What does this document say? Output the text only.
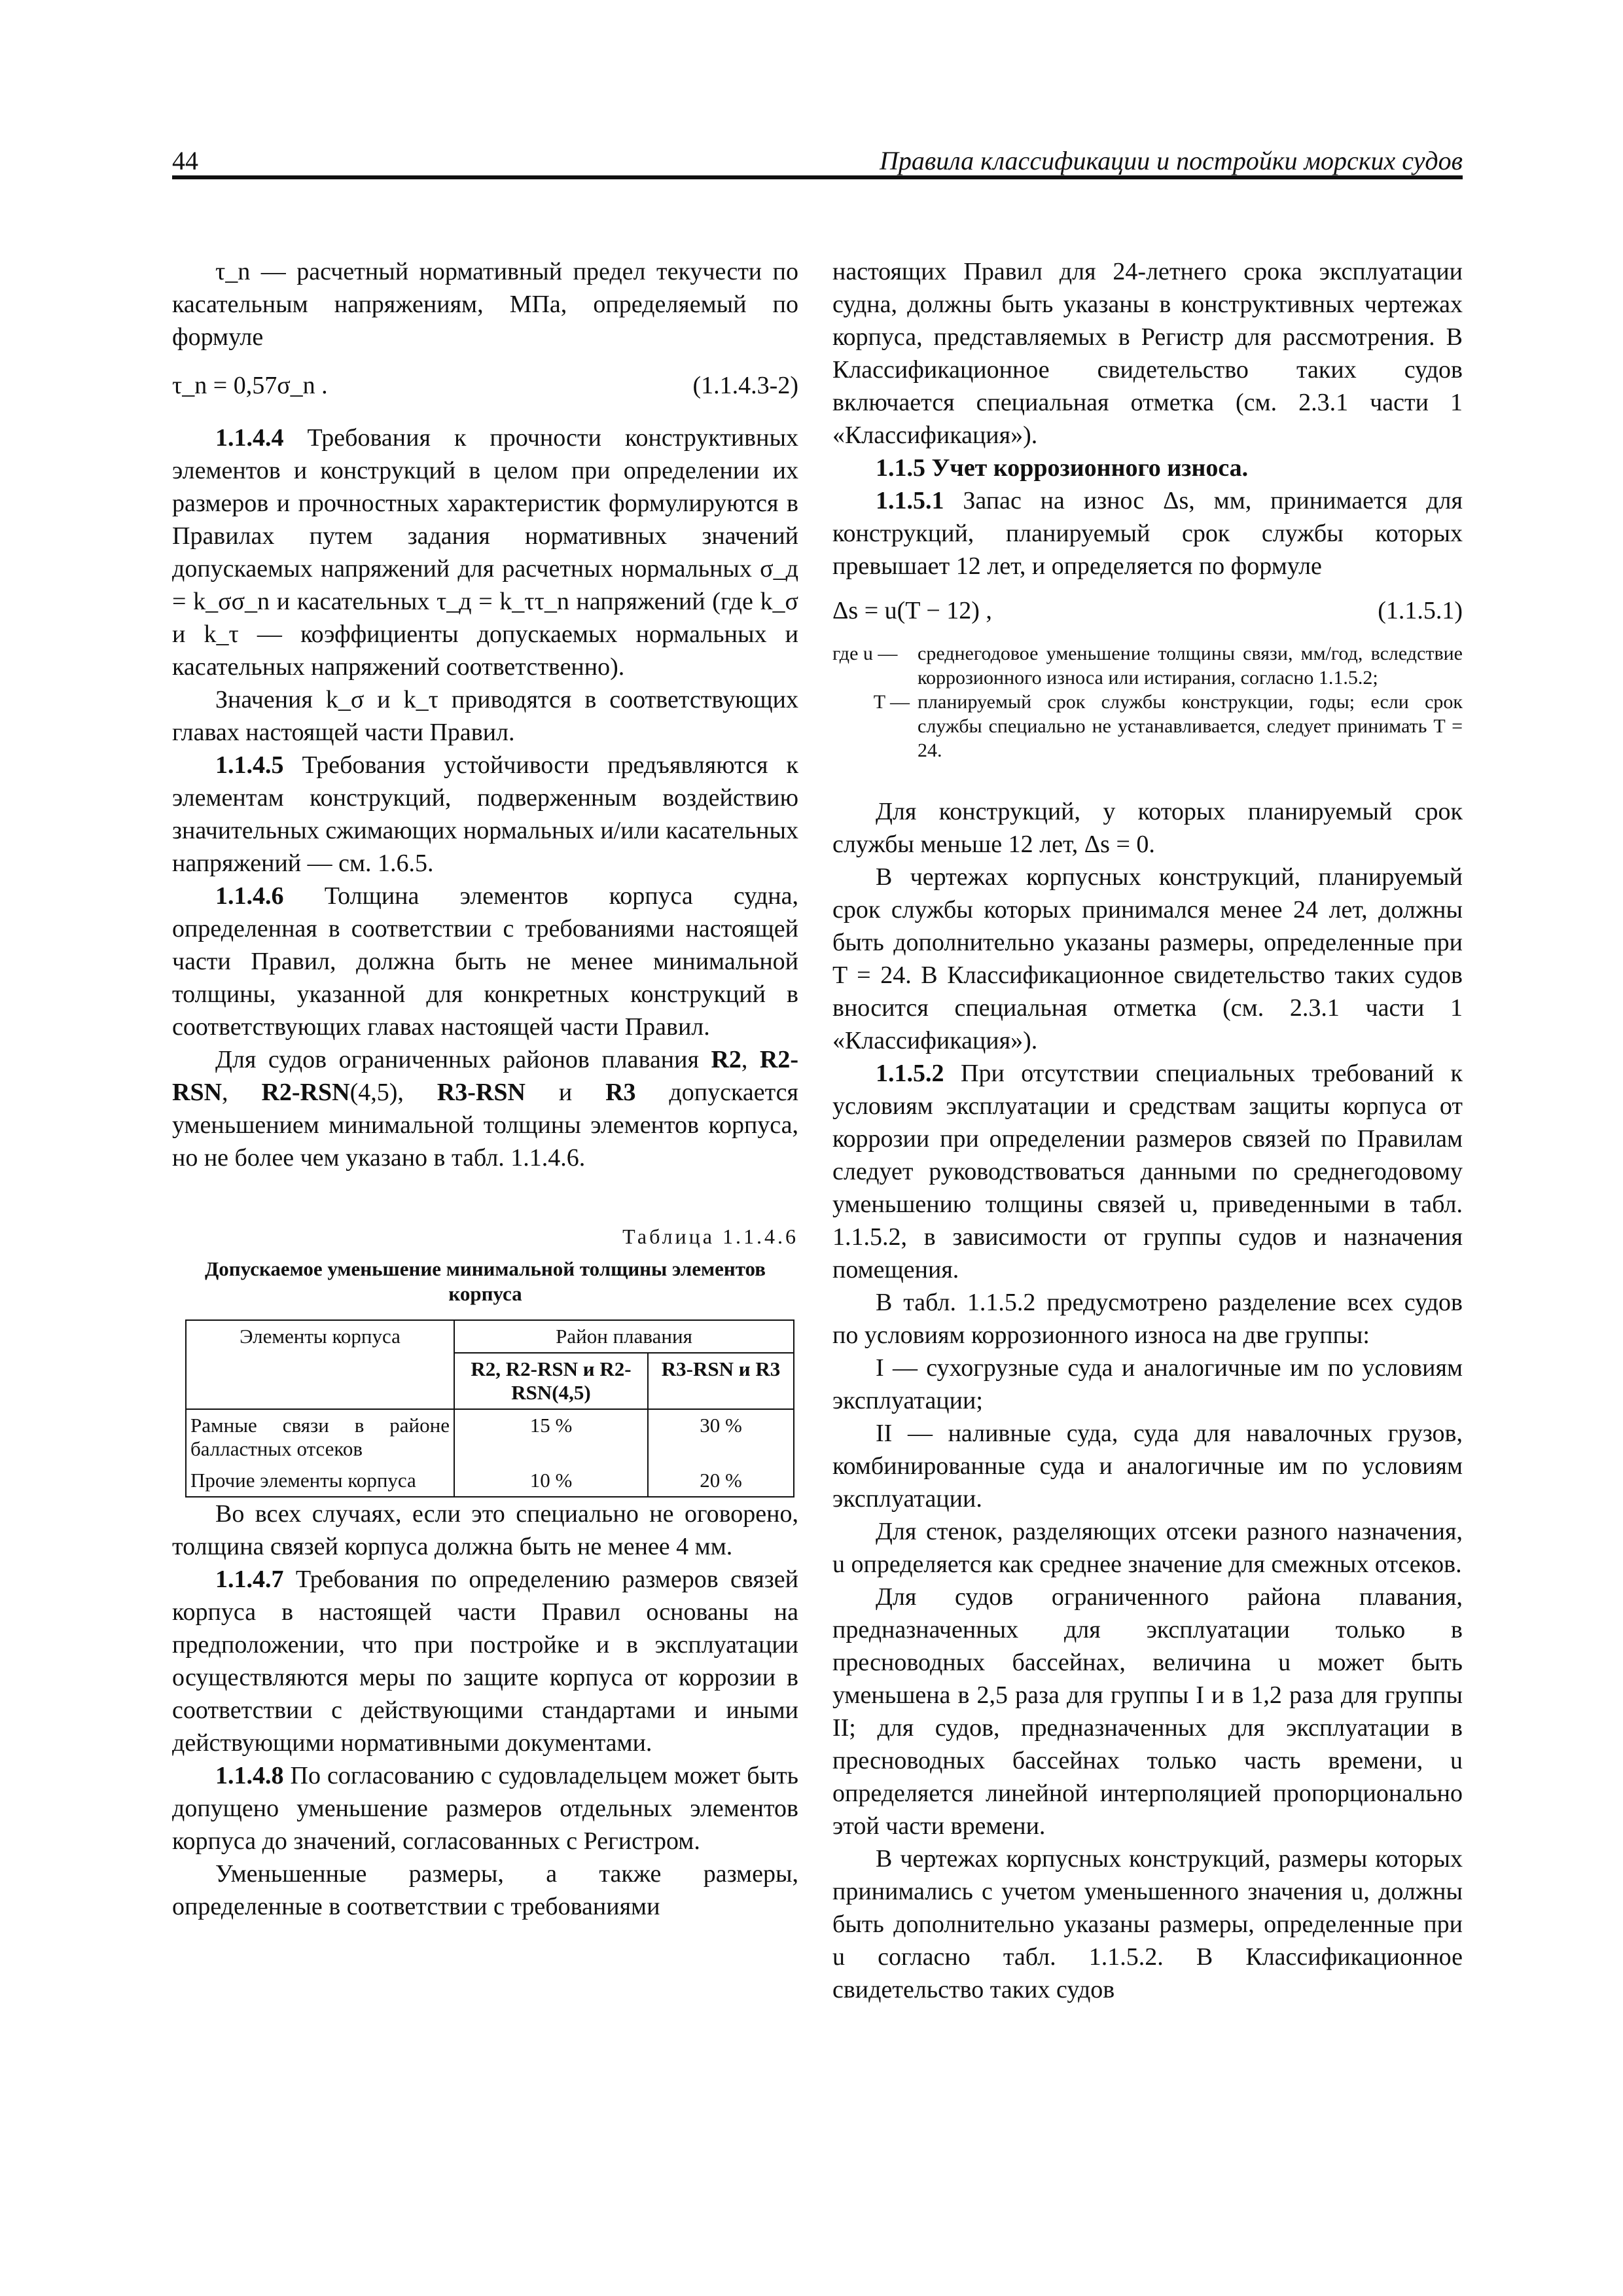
44	Правила классификации и постройки морских судов

τ_n — расчетный нормативный предел текучести по касательным напряжениям, МПа, определяемый по формуле

τ_n = 0,57σ_n .	(1.1.4.3-2)

1.1.4.4 Требования к прочности конструктивных элементов и конструкций в целом при определении их размеров и прочностных характеристик формулируются в Правилах путем задания нормативных значений допускаемых напряжений для расчетных нормальных σ_д = k_σσ_n и касательных τ_д = k_ττ_n напряжений (где k_σ и k_τ — коэффициенты допускаемых нормальных и касательных напряжений соответственно).

Значения k_σ и k_τ приводятся в соответствующих главах настоящей части Правил.

1.1.4.5 Требования устойчивости предъявляются к элементам конструкций, подверженным воздействию значительных сжимающих нормальных и/или касательных напряжений — см. 1.6.5.

1.1.4.6 Толщина элементов корпуса судна, определенная в соответствии с требованиями настоящей части Правил, должна быть не менее минимальной толщины, указанной для конкретных конструкций в соответствующих главах настоящей части Правил.

Для судов ограниченных районов плавания R2, R2-RSN, R2-RSN(4,5), R3-RSN и R3 допускается уменьшением минимальной толщины элементов корпуса, но не более чем указано в табл. 1.1.4.6.

Таблица 1.1.4.6
Допускаемое уменьшение минимальной толщины элементов корпуса
Элементы корпуса	Район плавания	
	R2, R2-RSN и R2-RSN(4,5)	R3-RSN и R3
Рамные связи в районе балластных отсеков	15 %	30 %
Прочие элементы корпуса	10 %	20 %

Во всех случаях, если это специально не оговорено, толщина связей корпуса должна быть не менее 4 мм.

1.1.4.7 Требования по определению размеров связей корпуса в настоящей части Правил основаны на предположении, что при постройке и в эксплуатации осуществляются меры по защите корпуса от коррозии в соответствии с действующими стандартами и иными действующими нормативными документами.

1.1.4.8 По согласованию с судовладельцем может быть допущено уменьшение размеров отдельных элементов корпуса до значений, согласованных с Регистром.

Уменьшенные размеры, а также размеры, определенные в соответствии с требованиями

настоящих Правил для 24-летнего срока эксплуатации судна, должны быть указаны в конструктивных чертежах корпуса, представляемых в Регистр для рассмотрения. В Классификационное свидетельство таких судов включается специальная отметка (см. 2.3.1 части 1 «Классификация»).

1.1.5 Учет коррозионного износа.

1.1.5.1 Запас на износ Δs, мм, принимается для конструкций, планируемый срок службы которых превышает 12 лет, и определяется по формуле

Δs = u(T − 12) ,	(1.1.5.1)
где u —	среднегодовое уменьшение толщины связи, мм/год, вследствие коррозионного износа или истирания, согласно 1.1.5.2;
T — планируемый срок службы конструкции, годы; если срок службы специально не устанавливается, следует принимать T = 24.

Для конструкций, у которых планируемый срок службы меньше 12 лет, Δs = 0.

В чертежах корпусных конструкций, планируемый срок службы которых принимался менее 24 лет, должны быть дополнительно указаны размеры, определенные при T = 24. В Классификационное свидетельство таких судов вносится специальная отметка (см. 2.3.1 части 1 «Классификация»).

1.1.5.2 При отсутствии специальных требований к условиям эксплуатации и средствам защиты корпуса от коррозии при определении размеров связей по Правилам следует руководствоваться данными по среднегодовому уменьшению толщины связей u, приведенными в табл. 1.1.5.2, в зависимости от группы судов и назначения помещения.

В табл. 1.1.5.2 предусмотрено разделение всех судов по условиям коррозионного износа на две группы:

I — сухогрузные суда и аналогичные им по условиям эксплуатации;

II — наливные суда, суда для навалочных грузов, комбинированные суда и аналогичные им по условиям эксплуатации.

Для стенок, разделяющих отсеки разного назначения, u определяется как среднее значение для смежных отсеков.

Для судов ограниченного района плавания, предназначенных для эксплуатации только в пресноводных бассейнах, величина u может быть уменьшена в 2,5 раза для группы I и в 1,2 раза для группы II; для судов, предназначенных для эксплуатации в пресноводных бассейнах только часть времени, u определяется линейной интерполяцией пропорционально этой части времени.

В чертежах корпусных конструкций, размеры которых принимались с учетом уменьшенного значения u, должны быть дополнительно указаны размеры, определенные при u согласно табл. 1.1.5.2. В Классификационное свидетельство таких судов
